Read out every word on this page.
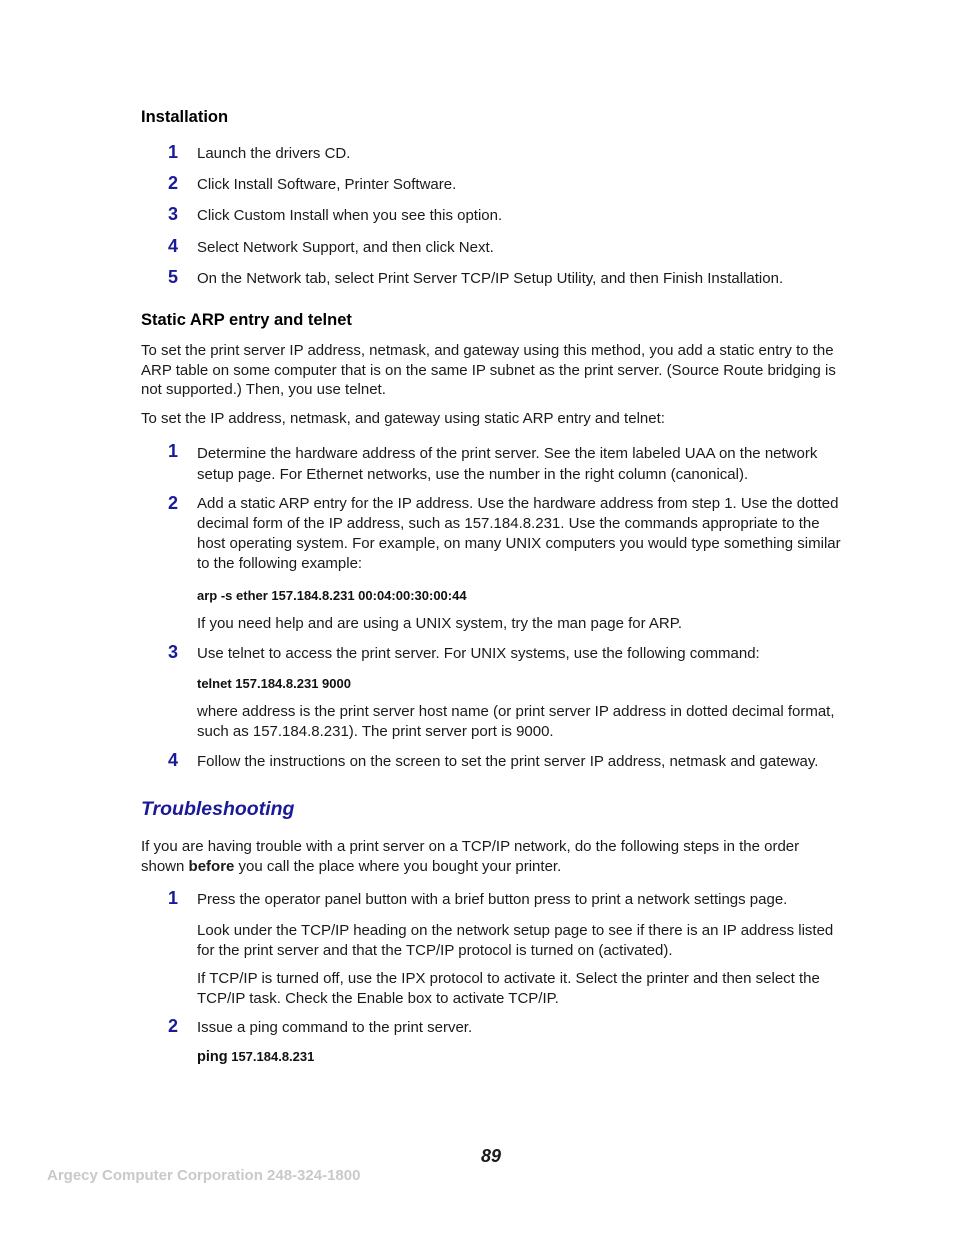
Installation
1 Launch the drivers CD.
2 Click Install Software, Printer Software.
3 Click Custom Install when you see this option.
4 Select Network Support, and then click Next.
5 On the Network tab, select Print Server TCP/IP Setup Utility, and then Finish Installation.
Static ARP entry and telnet
To set the print server IP address, netmask, and gateway using this method, you add a static entry to the ARP table on some computer that is on the same IP subnet as the print server. (Source Route bridging is not supported.) Then, you use telnet.
To set the IP address, netmask, and gateway using static ARP entry and telnet:
1 Determine the hardware address of the print server. See the item labeled UAA on the network setup page. For Ethernet networks, use the number in the right column (canonical).
2 Add a static ARP entry for the IP address. Use the hardware address from step 1. Use the dotted decimal form of the IP address, such as 157.184.8.231. Use the commands appropriate to the host operating system. For example, on many UNIX computers you would type something similar to the following example:
arp -s ether 157.184.8.231 00:04:00:30:00:44
If you need help and are using a UNIX system, try the man page for ARP.
3 Use telnet to access the print server. For UNIX systems, use the following command:
telnet 157.184.8.231 9000
where address is the print server host name (or print server IP address in dotted decimal format, such as 157.184.8.231). The print server port is 9000.
4 Follow the instructions on the screen to set the print server IP address, netmask and gateway.
Troubleshooting
If you are having trouble with a print server on a TCP/IP network, do the following steps in the order shown before you call the place where you bought your printer.
1 Press the operator panel button with a brief button press to print a network settings page.
Look under the TCP/IP heading on the network setup page to see if there is an IP address listed for the print server and that the TCP/IP protocol is turned on (activated).
If TCP/IP is turned off, use the IPX protocol to activate it. Select the printer and then select the TCP/IP task. Check the Enable box to activate TCP/IP.
2 Issue a ping command to the print server.
ping 157.184.8.231
89
Argecy Computer Corporation 248-324-1800
